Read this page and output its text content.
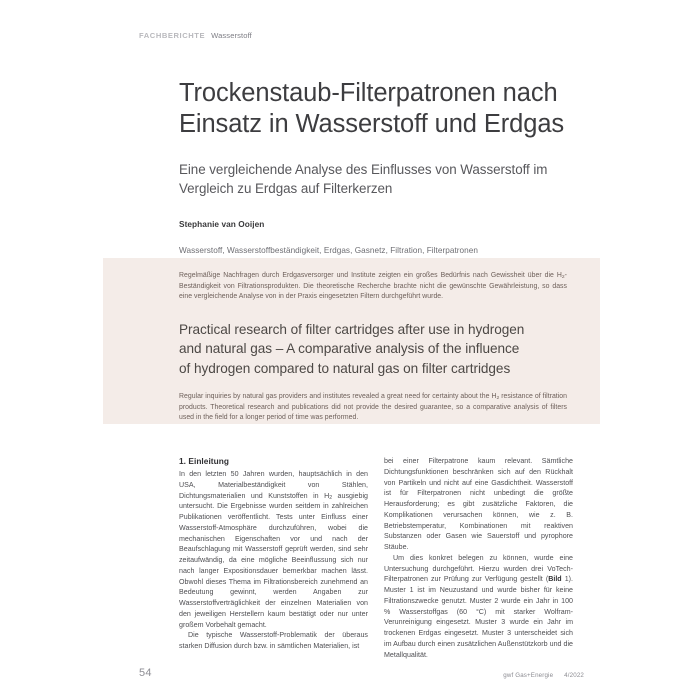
FACHBERICHTE Wasserstoff
Trockenstaub-Filterpatronen nach
Einsatz in Wasserstoff und Erdgas

Eine vergleichende Analyse des Einflusses von Wasserstoff im
Vergleich zu Erdgas auf Filterkerzen

Stephanie van Ooijen

Wasserstoff, Wasserstoffbeständigkeit, Erdgas, Gasnetz, Filtration, Filterpatronen

Regelmäßige Nachfragen durch Erdgasversorger und Institute zeigten ein großes Bedürfnis nach Gewissheit über die $H_2$-Beständigkeit von Filtrationsprodukten. Die theoretische Recherche brachte nicht die gewünschte Gewährleistung, so dass eine vergleichende Analyse von in der Praxis eingesetzten Filtern durchgeführt wurde.

Practical research of filter cartridges after use in hydrogen
and natural gas – A comparative analysis of the influence
of hydrogen compared to natural gas on filter cartridges

Regular inquiries by natural gas providers and institutes revealed a great need for certainty about the $H_2$ resistance of filtration products. Theoretical research and publications did not provide the desired guarantee, so a comparative analysis of filters used in the field for a longer period of time was performed.

1. Einleitung

In den letzten 50 Jahren wurden, hauptsächlich in den USA, Materialbeständigkeit von Stählen, Dichtungsmaterialien und Kunststoffen in $H_2$ ausgiebig untersucht. Die Ergebnisse wurden seitdem in zahlreichen Publikationen veröffentlicht. Tests unter Einfluss einer Wasserstoff-Atmosphäre durchzuführen, wobei die mechanischen Eigenschaften vor und nach der Beaufschlagung mit Wasserstoff geprüft werden, sind sehr zeitaufwändig, da eine mögliche Beeinflussung sich nur nach langer Expositionsdauer bemerkbar machen lässt. Obwohl dieses Thema im Filtrationsbereich zunehmend an Bedeutung gewinnt, werden Angaben zur Wasserstoffverträglichkeit der einzelnen Materialien von den jeweiligen Herstellern kaum bestätigt oder nur unter großem Vorbehalt gemacht.

Die typische Wasserstoff-Problematik der überaus starken Diffusion durch bzw. in sämtlichen Materialien, ist

bei einer Filterpatrone kaum relevant. Sämtliche Dichtungsfunktionen beschränken sich auf den Rückhalt von Partikeln und nicht auf eine Gasdichtheit. Wasserstoff ist für Filterpatronen nicht unbedingt die größte Herausforderung; es gibt zusätzliche Faktoren, die Komplikationen verursachen können, wie z. B. Betriebstemperatur, Kombinationen mit reaktiven Substanzen oder Gasen wie Sauerstoff und pyrophore Stäube.

Um dies konkret belegen zu können, wurde eine Untersuchung durchgeführt. Hierzu wurden drei VoTech-Filterpatronen zur Prüfung zur Verfügung gestellt (Bild 1). Muster 1 ist im Neuzustand und wurde bisher für keine Filtrationszwecke genutzt. Muster 2 wurde ein Jahr in 100 % Wasserstoffgas (60 °C) mit starker Wolfram-Verunreinigung eingesetzt. Muster 3 wurde ein Jahr im trockenen Erdgas eingesetzt. Muster 3 unterscheidet sich im Aufbau durch einen zusätzlichen Außenstützkorb und die Metallqualität.

54	gwf Gas+Energie 4/2022
